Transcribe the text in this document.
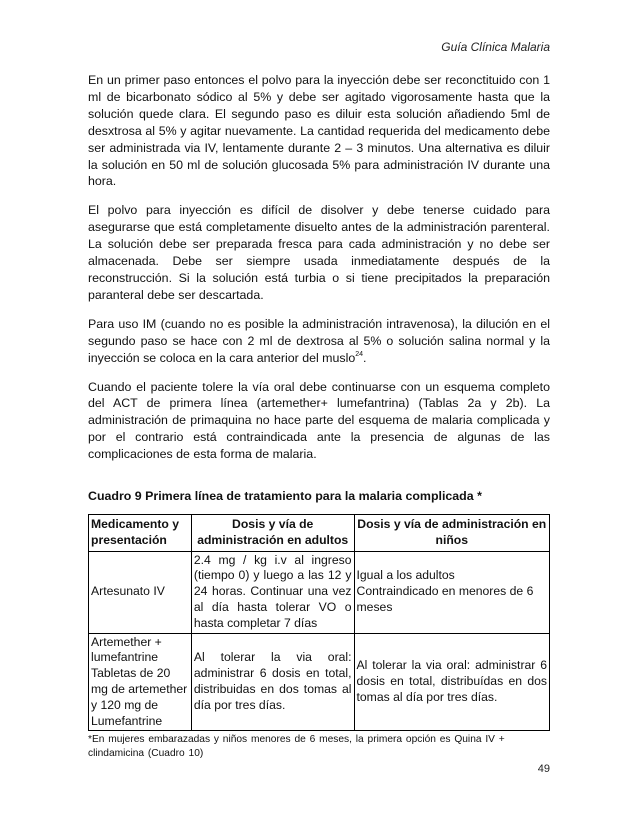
Guía Clínica Malaria

En un primer paso entonces el polvo para la inyección debe ser reconctituido con 1 ml de bicarbonato sódico al 5% y debe ser agitado vigorosamente hasta que la solución quede clara. El segundo paso es diluir esta solución añadiendo 5ml de desxtrosa al 5% y agitar nuevamente. La cantidad requerida del medicamento debe ser administrada via IV, lentamente durante 2 – 3 minutos. Una alternativa es diluir la solución en 50 ml de solución glucosada 5% para administración IV durante una hora.

El polvo para inyección es difícil de disolver y debe tenerse cuidado para asegurarse que está completamente disuelto antes de la administración parenteral. La solución debe ser preparada fresca para cada administración y no debe ser almacenada. Debe ser siempre usada inmediatamente después de la reconstrucción. Si la solución está turbia o si tiene precipitados la preparación paranteral debe ser descartada.

Para uso IM (cuando no es posible la administración intravenosa), la dilución en el segundo paso se hace con 2 ml de dextrosa al 5% o solución salina normal y la inyección se coloca en la cara anterior del muslo$^{24}$.

Cuando el paciente tolere la vía oral debe continuarse con un esquema completo del ACT de primera línea (artemether+ lumefantrina) (Tablas 2a y 2b). La administración de primaquina no hace parte del esquema de malaria complicada y por el contrario está contraindicada ante la presencia de algunas de las complicaciones de esta forma de malaria.

Cuadro 9 Primera línea de tratamiento para la malaria complicada *
Medicamento y presentación	Dosis y vía de administración en adultos	Dosis y vía de administración en niños
Artesunato IV	2.4 mg / kg i.v al ingreso (tiempo 0) y luego a las 12 y 24 horas. Continuar una vez al día hasta tolerar VO o hasta completar 7 días	Igual a los adultos
Contraindicado en menores de 6 meses

Artemether + lumefantrine Tabletas de 20 mg de artemether y 120 mg de Lumefantrine	Al tolerar la via oral: administrar 6 dosis en total, distribuidas en dos tomas al día por tres días.	Al tolerar la via oral: administrar 6 dosis en total, distribuídas en dos tomas al día por tres días.
*En mujeres embarazadas y niños menores de 6 meses, la primera opción es Quina IV + clindamicina (Cuadro 10)
49
